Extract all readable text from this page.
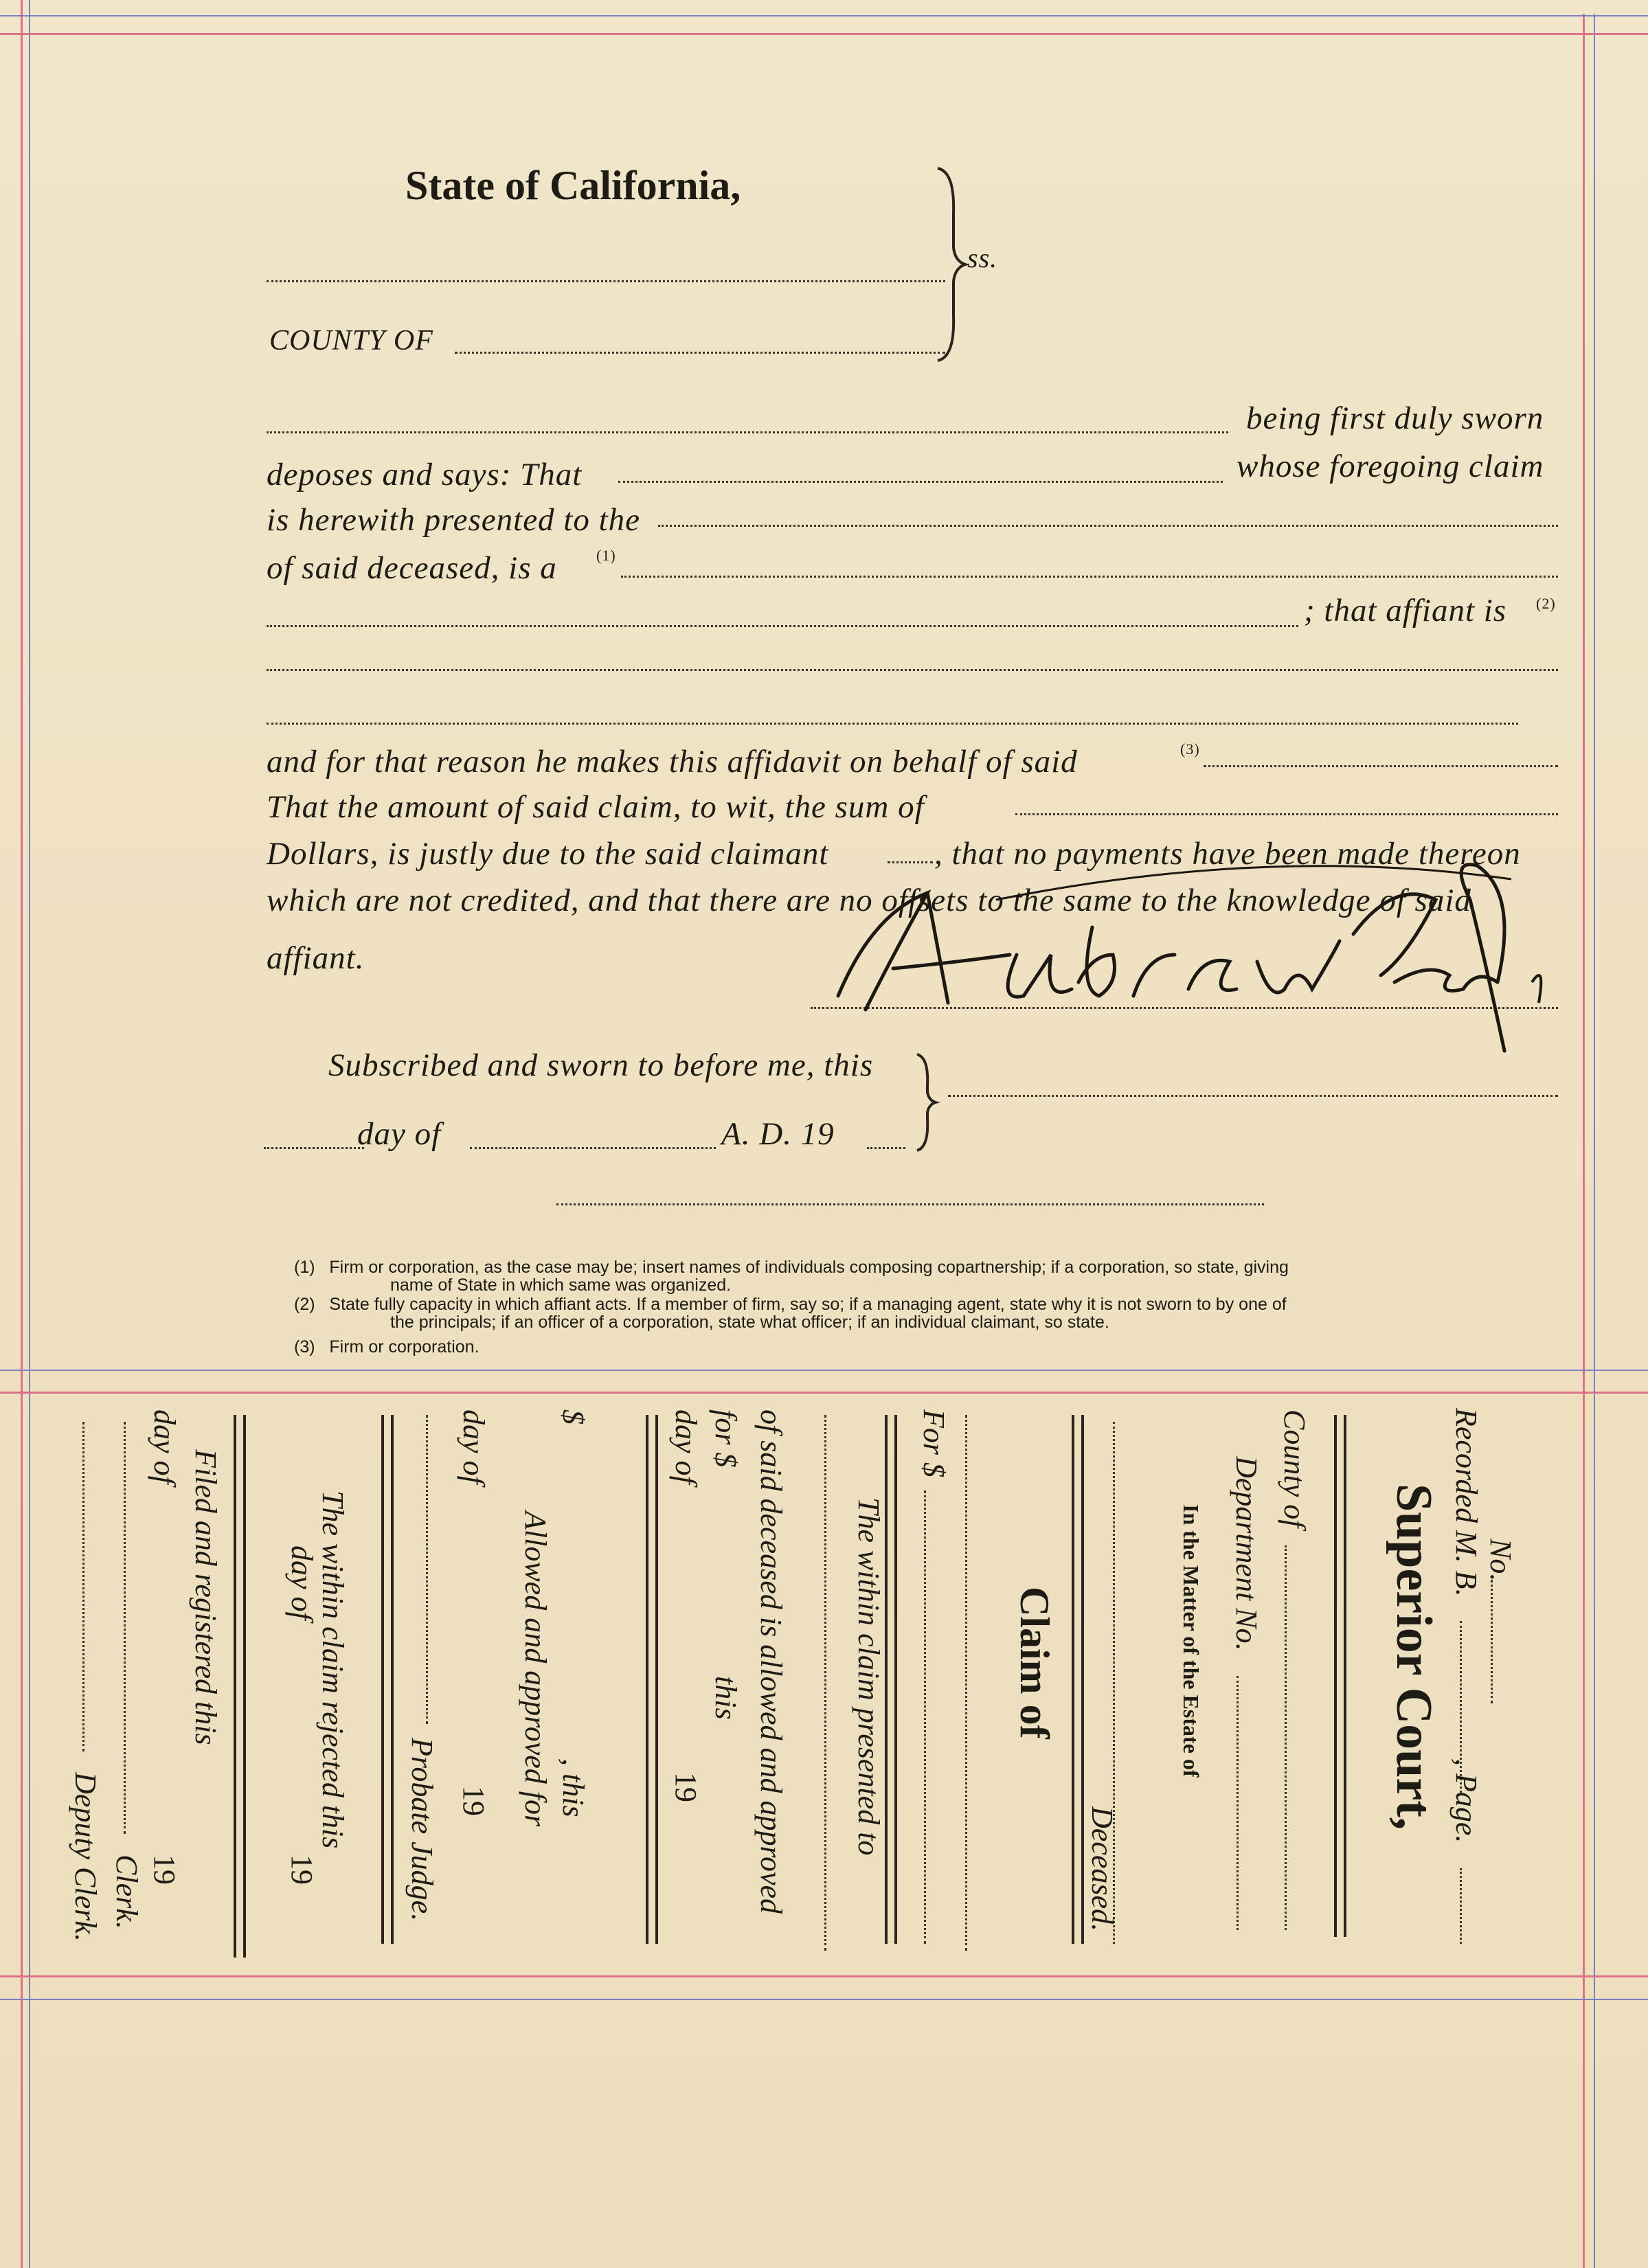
State of California,
ss.
COUNTY OF
being first duly sworn
deposes and says: That	whose foregoing claim
is herewith presented to the
of said deceased, is a	(1)
; that affiant is (2)
and for that reason he makes this affidavit on behalf of said	(3)
That the amount of said claim, to wit, the sum of
Dollars, is justly due to the said claimant	, that no payments have been made thereon
which are not credited, and that there are no offsets to the same to the knowledge of said
affiant.
Subscribed and sworn to before me, this
day of	A. D. 19
(1) Firm or corporation, as the case may be; insert names of individuals composing copartnership; if a corporation, so state, giving
name of State in which same was organized.
(2) State fully capacity in which affiant acts. If a member of firm, say so; if a managing agent, state why it is not sworn to by one of
the principals; if an officer of a corporation, state what officer; if an individual claimant, so state.
(3) Firm or corporation.
No.
Recorded M. B.
, Page.
Superior Court,
County of
Department No.
In the Matter of the Estate of
Deceased.
Claim of
For $
The within claim presented to
of said deceased is allowed and approved
for $
this
day of
19
$
Allowed and approved for , this
day of
19
Probate Judge.
The within claim rejected this
day of
19
Filed and registered this
19
day of
Clerk.
Deputy Clerk.
